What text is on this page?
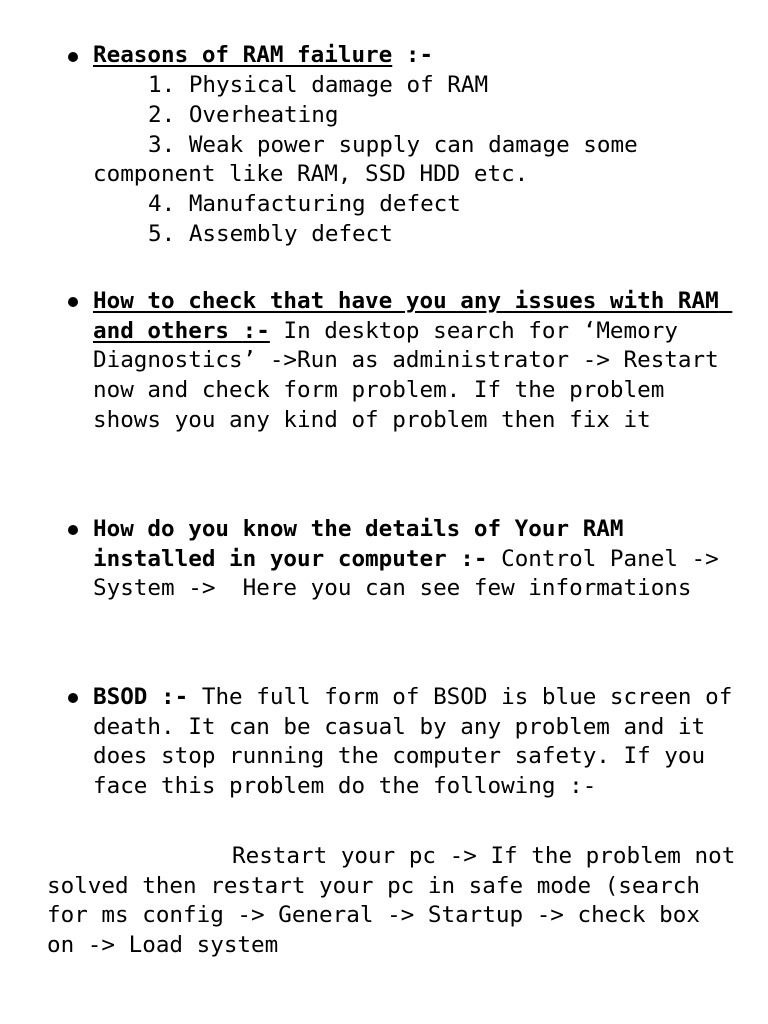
Reasons of RAM failure :-
1. Physical damage of RAM
2. Overheating
3. Weak power supply can damage some
component like RAM, SSD HDD etc.
4. Manufacturing defect
5. Assembly defect
How to check that have you any issues with RAM and others :- In desktop search for ‘Memory Diagnostics’ ->Run as administrator -> Restart now and check form problem. If the problem shows you any kind of problem then fix it
How do you know the details of Your RAM installed in your computer :- Control Panel -> System ->  Here you can see few informations
BSOD :- The full form of BSOD is blue screen of death. It can be casual by any problem and it does stop running the computer safety. If you face this problem do the following :-
Restart your pc -> If the problem not solved then restart your pc in safe mode (search for ms config -> General -> Startup -> check box on -> Load system
